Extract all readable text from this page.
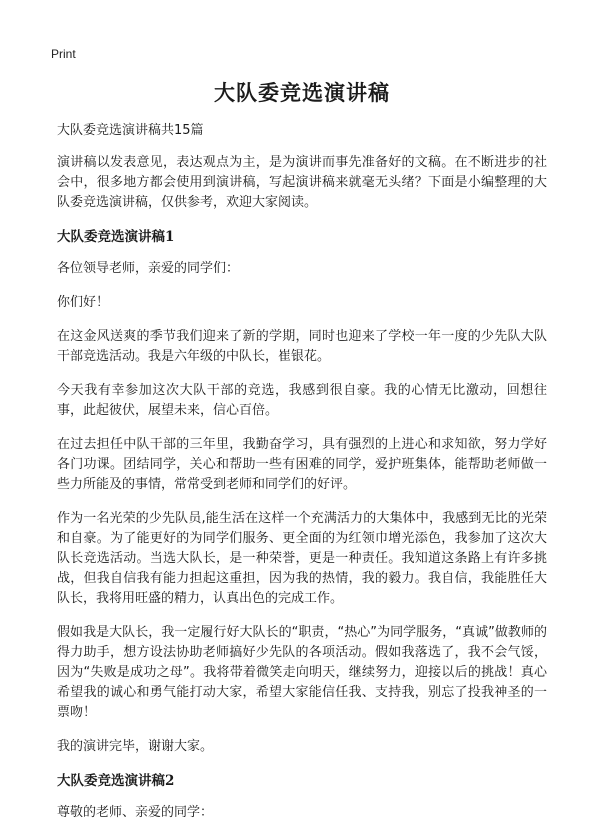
Print
大队委竞选演讲稿
大队委竞选演讲稿共15篇

演讲稿以发表意见，表达观点为主，是为演讲而事先准备好的文稿。在不断进步的社会中，很多地方都会使用到演讲稿，写起演讲稿来就毫无头绪？下面是小编整理的大队委竞选演讲稿，仅供参考，欢迎大家阅读。

大队委竞选演讲稿1

各位领导老师，亲爱的同学们：

你们好！

在这金风送爽的季节我们迎来了新的学期，同时也迎来了学校一年一度的少先队大队干部竞选活动。我是六年级的中队长，崔银花。

今天我有幸参加这次大队干部的竞选，我感到很自豪。我的心情无比激动，回想往事，此起彼伏，展望未来，信心百倍。

在过去担任中队干部的三年里，我勤奋学习，具有强烈的上进心和求知欲，努力学好各门功课。团结同学，关心和帮助一些有困难的同学，爱护班集体，能帮助老师做一些力所能及的事情，常常受到老师和同学们的好评。

作为一名光荣的少先队员,能生活在这样一个充满活力的大集体中，我感到无比的光荣和自豪。为了能更好的为同学们服务、更全面的为红领巾增光添色，我参加了这次大队长竞选活动。当选大队长，是一种荣誉，更是一种责任。我知道这条路上有许多挑战，但我自信我有能力担起这重担，因为我的热情，我的毅力。我自信，我能胜任大队长，我将用旺盛的精力，认真出色的完成工作。

假如我是大队长，我一定履行好大队长的“职责，“热心”为同学服务，“真诚”做教师的得力助手，想方设法协助老师搞好少先队的各项活动。假如我落选了，我不会气馁，因为“失败是成功之母”。我将带着微笑走向明天，继续努力，迎接以后的挑战！真心希望我的诚心和勇气能打动大家，希望大家能信任我、支持我，别忘了投我神圣的一票吻！

我的演讲完毕，谢谢大家。

大队委竞选演讲稿2

尊敬的老师、亲爱的同学：
